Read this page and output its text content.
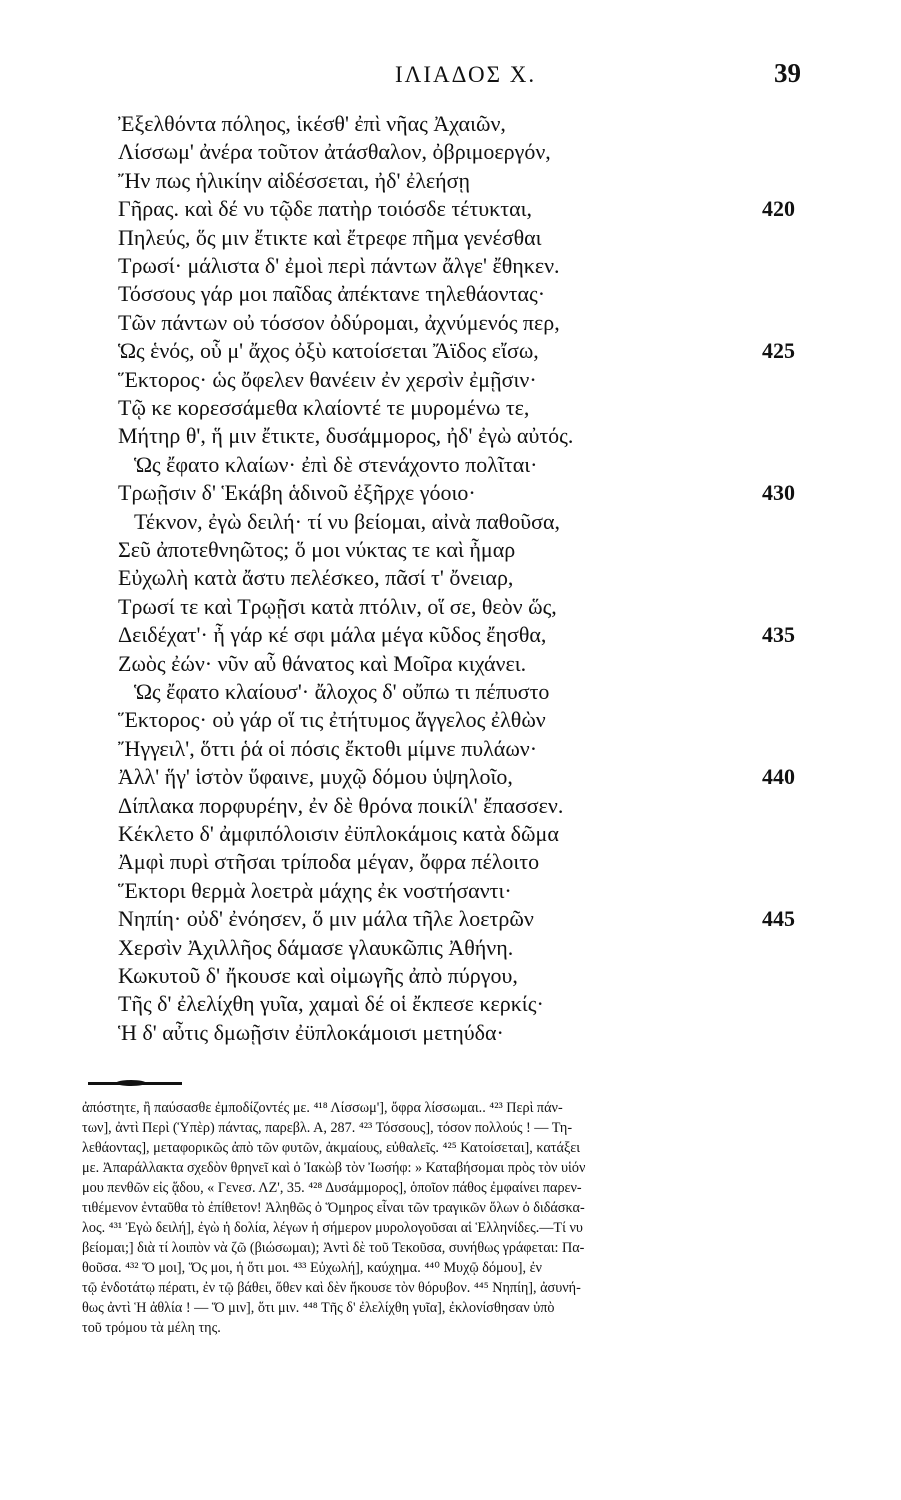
ΙΛΙΑΔΟΣ Χ.	39
Ἐξελθόντα πόληος, ἱκέσθ' ἐπὶ νῆας Ἀχαιῶν,
Λίσσωμ' ἀνέρα τοῦτον ἀτάσθαλον, ὀβριμοεργόν,
Ἤν πως ἡλικίην αἰδέσσεται, ἠδ' ἐλεήσῃ
Γῆρας. καὶ δέ νυ τῷδε πατὴρ τοιόσδε τέτυκται,	420
Πηλεύς, ὅς μιν ἔτικτε καὶ ἔτρεφε πῆμα γενέσθαι
Τρωσί· μάλιστα δ' ἐμοὶ περὶ πάντων ἄλγε' ἔθηκεν.
Τόσσους γάρ μοι παῖδας ἀπέκτανε τηλεθάοντας·
Τῶν πάντων οὐ τόσσον ὀδύρομαι, ἀχνύμενός περ,
Ὡς ἑνός, οὗ μ' ἄχος ὀξὺ κατοίσεται Ἄϊδος εἴσω,	425
Ἕκτορος· ὡς ὄφελεν θανέειν ἐν χερσὶν ἐμῇσιν·
Τῷ κε κορεσσάμεθα κλαίοντέ τε μυρομένω τε,
Μήτηρ θ', ἥ μιν ἔτικτε, δυσάμμορος, ἠδ' ἐγὼ αὐτός.
Ὡς ἔφατο κλαίων· ἐπὶ δὲ στενάχοντο πολῖται·
Τρωῇσιν δ' Ἑκάβη ἁδινοῦ ἐξῆρχε γόοιο·	430
Τέκνον, ἐγὼ δειλή· τί νυ βείομαι, αἰνὰ παθοῦσα,
Σεῦ ἀποτεθνηῶτος; ὅ μοι νύκτας τε καὶ ἦμαρ
Εὐχωλὴ κατὰ ἄστυ πελέσκεο, πᾶσί τ' ὄνειαρ,
Τρωσί τε καὶ Τρῳῇσι κατὰ πτόλιν, οἵ σε, θεὸν ὥς,
Δειδέχατ'· ἦ γάρ κέ σφι μάλα μέγα κῦδος ἔησθα,	435
Ζωὸς ἐών· νῦν αὖ θάνατος καὶ Μοῖρα κιχάνει.
Ὡς ἔφατο κλαίουσ'· ἄλοχος δ' οὔπω τι πέπυστο
Ἕκτορος· οὐ γάρ οἵ τις ἐτήτυμος ἄγγελος ἐλθὼν
Ἤγγειλ', ὅττι ῥά οἱ πόσις ἔκτοθι μίμνε πυλάων·
Ἀλλ' ἥγ' ἱστὸν ὕφαινε, μυχῷ δόμου ὑψηλοῖο,	440
Δίπλακα πορφυρέην, ἐν δὲ θρόνα ποικίλ' ἔπασσεν.
Κέκλετο δ' ἀμφιπόλοισιν ἐϋπλοκάμοις κατὰ δῶμα
Ἀμφὶ πυρὶ στῆσαι τρίποδα μέγαν, ὄφρα πέλοιτο
Ἕκτορι θερμὰ λοετρὰ μάχης ἐκ νοστήσαντι·
Νηπίη· οὐδ' ἐνόησεν, ὅ μιν μάλα τῆλε λοετρῶν	445
Χερσὶν Ἀχιλλῆος δάμασε γλαυκῶπις Ἀθήνη.
Κωκυτοῦ δ' ἤκουσε καὶ οἰμωγῆς ἀπὸ πύργου,
Τῆς δ' ἐλελίχθη γυῖα, χαμαὶ δέ οἱ ἔκπεσε κερκίς·
Ἡ δ' αὖτις δμωῇσιν ἐϋπλοκάμοισι μετηύδα·
ἀπόστητε, ἢ παύσασθε ἐμποδίζοντές με. ⁴¹⁸ Λίσσωμ'], ὄφρα λίσσωμαι.. ⁴²³ Περὶ πάν-
των], ἀντὶ Περὶ (Ὑπὲρ) πάντας, παρεβλ. Α, 287. ⁴²³ Τόσσους], τόσον πολλούς ! — Τη-
λεθάοντας], μεταφορικῶς ἀπὸ τῶν φυτῶν, ἀκμαίους, εὐθαλεῖς. ⁴²⁵ Κατοίσεται], κατάξει
με. Ἀπαράλλακτα σχεδὸν θρηνεῖ καὶ ὁ Ἰακὼβ τὸν Ἰωσήφ: » Καταβήσομαι πρὸς τὸν υἱόν
μου πενθῶν εἰς ᾅδου, « Γενεσ. ΛΖ', 35. ⁴²⁸ Δυσάμμορος], ὁποῖον πάθος ἐμφαίνει παρεν-
τιθέμενον ἐνταῦθα τὸ ἐπίθετον! Ἀληθῶς ὁ Ὅμηρος εἶναι τῶν τραγικῶν ὅλων ὁ διδάσκα-
λος. ⁴³¹ Ἐγὼ δειλή], ἐγὼ ἡ δολία, λέγων ἡ σήμερον μυρολογοῦσαι αἱ Ἑλληνίδες.—Τί νυ
βείομαι;] διὰ τί λοιπὸν νὰ ζῶ (βιώσωμαι); Ἀντὶ δὲ τοῦ Τεκοῦσα, συνήθως γράφεται: Πα-
θοῦσα. ⁴³² Ὅ μοι], Ὅς μοι, ἡ ὅτι μοι. ⁴³³ Εὐχωλή], καύχημα. ⁴⁴⁰ Μυχῷ δόμου], ἐν
τῷ ἐνδοτάτῳ πέρατι, ἐν τῷ βάθει, ὅθεν καὶ δὲν ἤκουσε τὸν θόρυβον. ⁴⁴⁵ Νηπίη], ἀσυνή-
θως ἀντὶ Ἡ ἀθλία ! — Ὅ μιν], ὅτι μιν. ⁴⁴⁸ Τῆς δ' ἐλελίχθη γυῖα], ἐκλονίσθησαν ὑπὸ
τοῦ τρόμου τὰ μέλη της.
